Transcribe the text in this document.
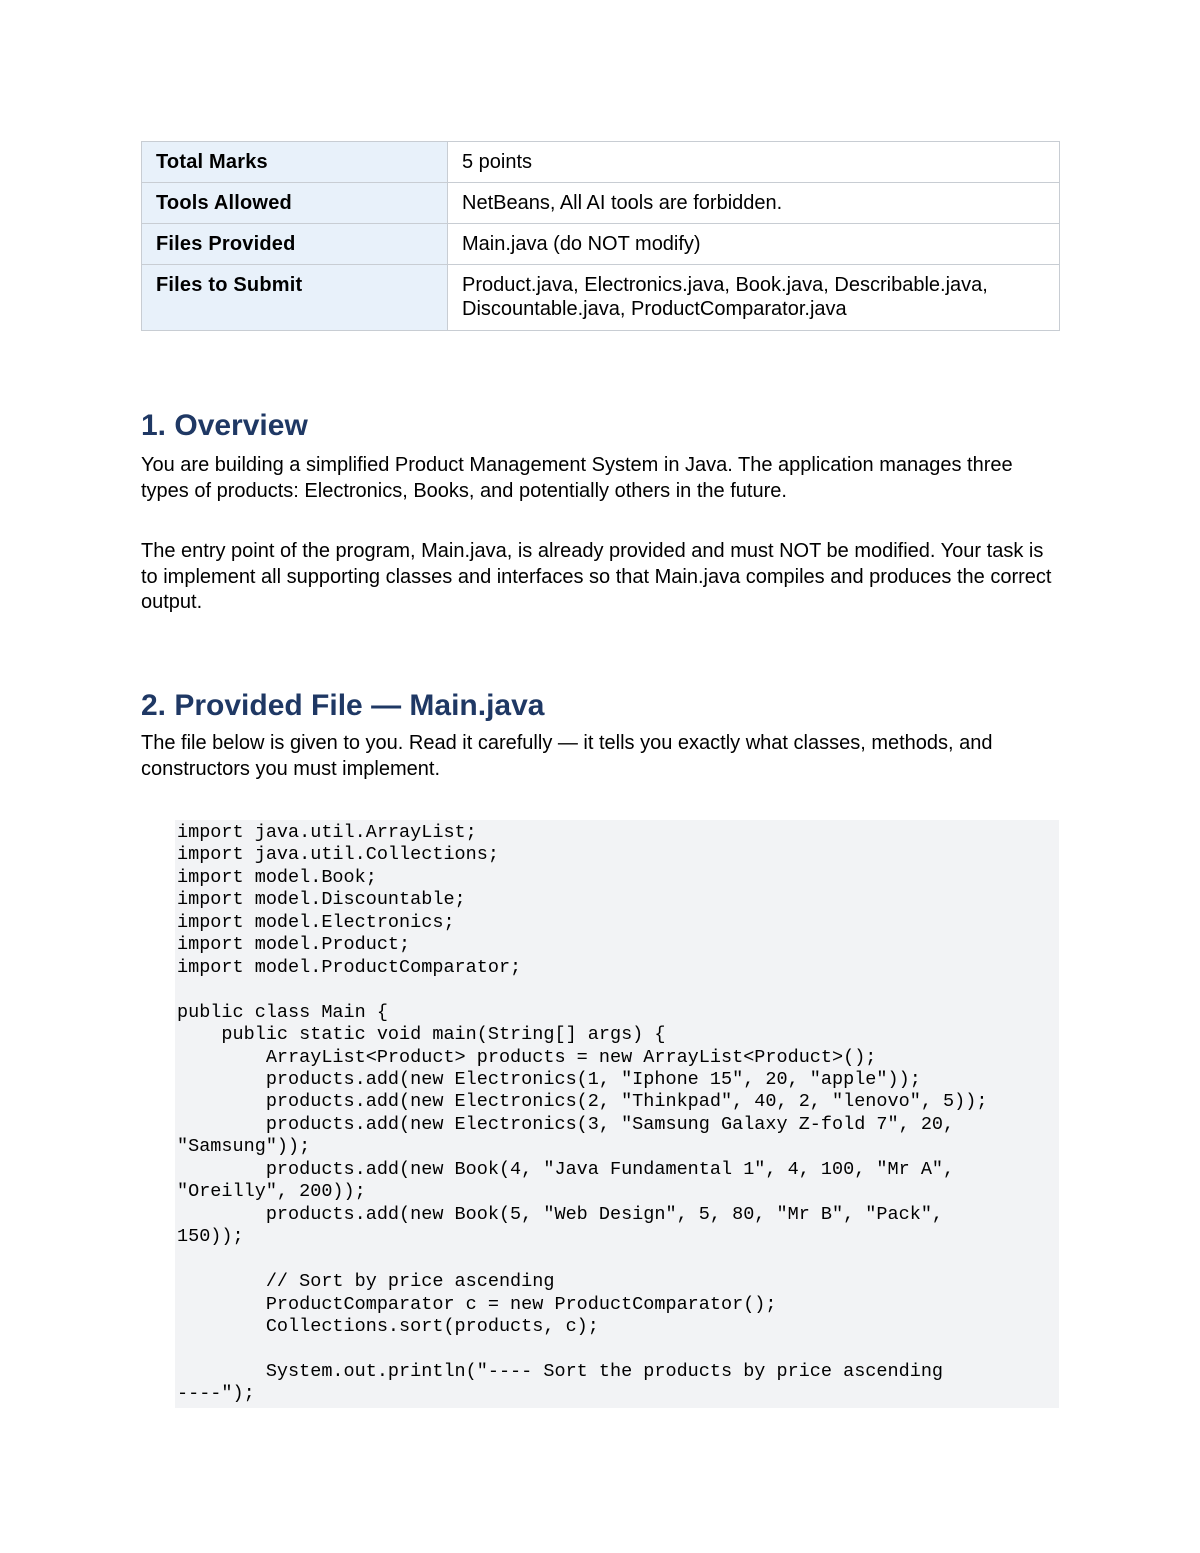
Total Marks	5 points
Tools Allowed	NetBeans, All AI tools are forbidden.
Files Provided	Main.java (do NOT modify)
Files to Submit	Product.java, Electronics.java, Book.java, Describable.java, Discountable.java, ProductComparator.java
1. Overview

You are building a simplified Product Management System in Java. The application manages three types of products: Electronics, Books, and potentially others in the future.

The entry point of the program, Main.java, is already provided and must NOT be modified. Your task is to implement all supporting classes and interfaces so that Main.java compiles and produces the correct output.

2. Provided File — Main.java

The file below is given to you. Read it carefully — it tells you exactly what classes, methods, and constructors you must implement.

import java.util.ArrayList;
import java.util.Collections;
import model.Book;
import model.Discountable;
import model.Electronics;
import model.Product;
import model.ProductComparator;

public class Main {
public static void main(String[] args) {
ArrayList<Product> products = new ArrayList<Product>();
products.add(new Electronics(1, "Iphone 15", 20, "apple"));
products.add(new Electronics(2, "Thinkpad", 40, 2, "lenovo", 5));
products.add(new Electronics(3, "Samsung Galaxy Z-fold 7", 20,
"Samsung"));
products.add(new Book(4, "Java Fundamental 1", 4, 100, "Mr A",
"Oreilly", 200));
products.add(new Book(5, "Web Design", 5, 80, "Mr B", "Pack",
150));

// Sort by price ascending
ProductComparator c = new ProductComparator();
Collections.sort(products, c);

System.out.println("---- Sort the products by price ascending
----");
